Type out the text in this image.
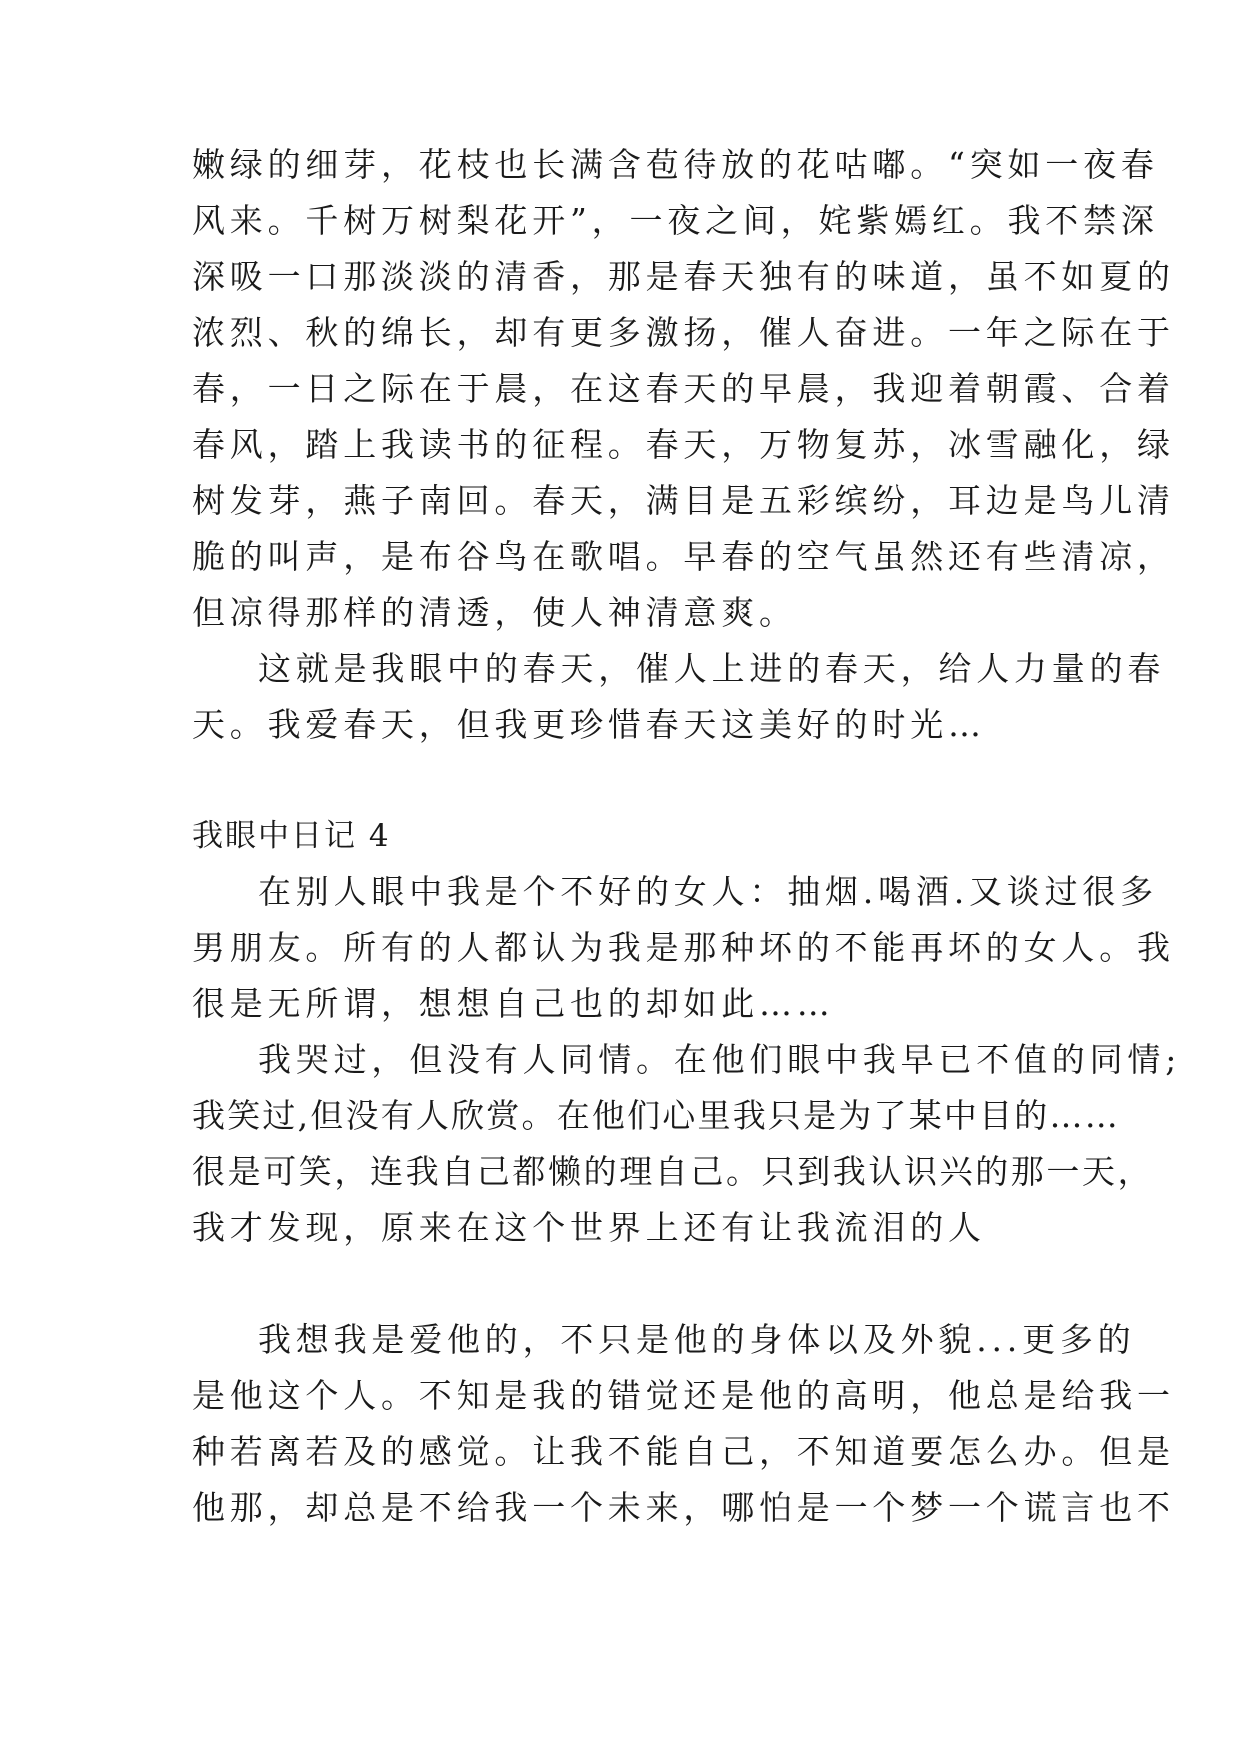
嫩绿的细芽，花枝也长满含苞待放的花咕嘟。“突如一夜春
风来。千树万树梨花开”，一夜之间，姹紫嫣红。我不禁深
深吸一口那淡淡的清香，那是春天独有的味道，虽不如夏的
浓烈、秋的绵长，却有更多激扬，催人奋进。一年之际在于
春，一日之际在于晨，在这春天的早晨，我迎着朝霞、合着
春风，踏上我读书的征程。春天，万物复苏，冰雪融化，绿
树发芽，燕子南回。春天，满目是五彩缤纷，耳边是鸟儿清
脆的叫声，是布谷鸟在歌唱。早春的空气虽然还有些清凉，
但凉得那样的清透，使人神清意爽。
这就是我眼中的春天，催人上进的春天，给人力量的春
天。我爱春天，但我更珍惜春天这美好的时光…
我眼中日记 4
在别人眼中我是个不好的女人：抽烟.喝酒.又谈过很多
男朋友。所有的人都认为我是那种坏的不能再坏的女人。我
很是无所谓，想想自己也的却如此……
我哭过，但没有人同情。在他们眼中我早已不值的同情;
我笑过,但没有人欣赏。在他们心里我只是为了某中目的……
很是可笑，连我自己都懒的理自己。只到我认识兴的那一天，
我才发现，原来在这个世界上还有让我流泪的人
我想我是爱他的，不只是他的身体以及外貌...更多的
是他这个人。不知是我的错觉还是他的高明，他总是给我一
种若离若及的感觉。让我不能自己，不知道要怎么办。但是
他那，却总是不给我一个未来，哪怕是一个梦一个谎言也不
